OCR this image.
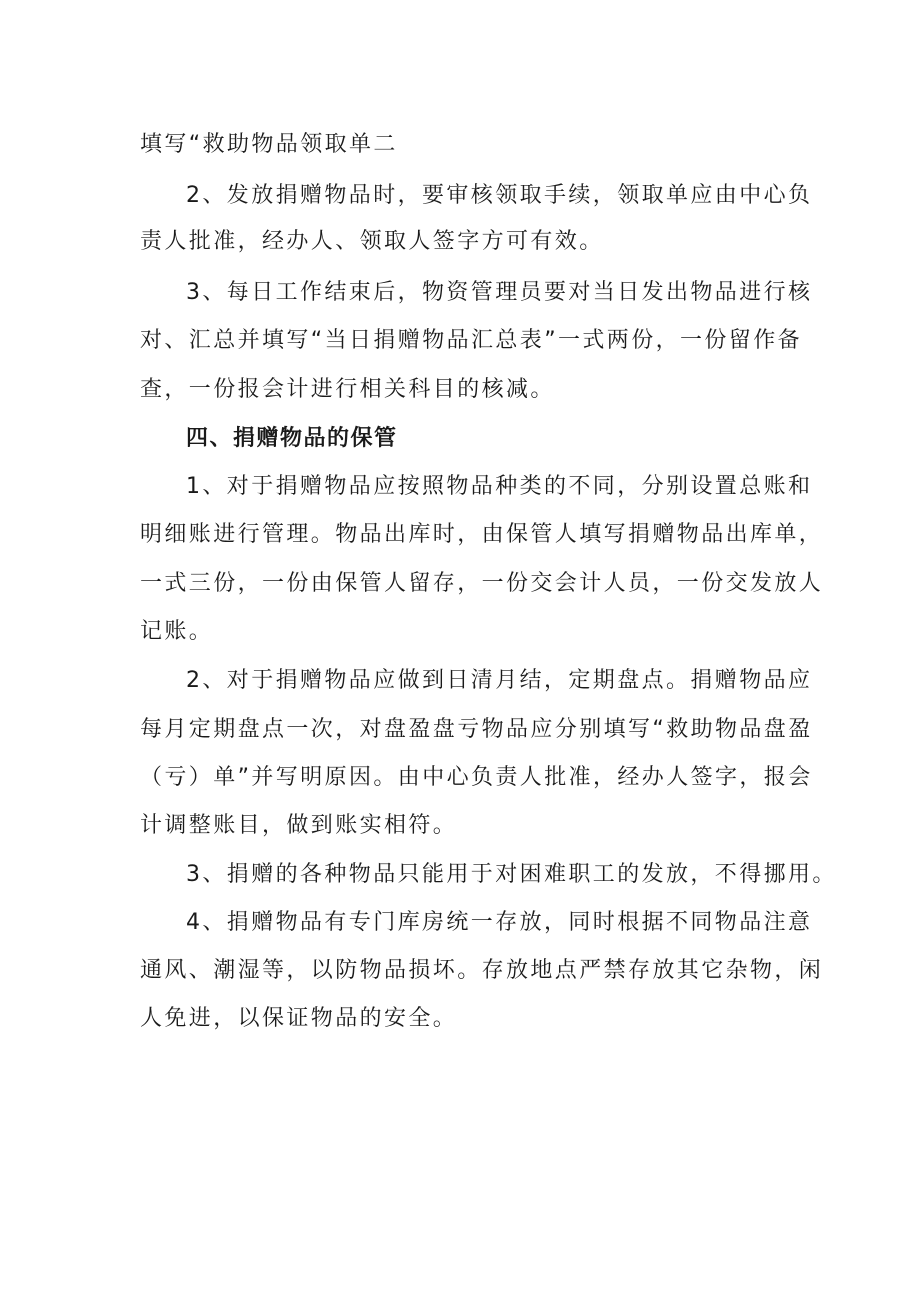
填写“救助物品领取单二

2、发放捐赠物品时，要审核领取手续，领取单应由中心负

责人批准，经办人、领取人签字方可有效。

3、每日工作结束后，物资管理员要对当日发出物品进行核

对、汇总并填写“当日捐赠物品汇总表”一式两份，一份留作备

查，一份报会计进行相关科目的核减。

四、捐赠物品的保管

1、对于捐赠物品应按照物品种类的不同，分别设置总账和

明细账进行管理。物品出库时，由保管人填写捐赠物品出库单，

一式三份，一份由保管人留存，一份交会计人员，一份交发放人

记账。

2、对于捐赠物品应做到日清月结，定期盘点。捐赠物品应

每月定期盘点一次，对盘盈盘亏物品应分别填写“救助物品盘盈

（亏）单”并写明原因。由中心负责人批准，经办人签字，报会

计调整账目，做到账实相符。

3、捐赠的各种物品只能用于对困难职工的发放，不得挪用。

4、捐赠物品有专门库房统一存放，同时根据不同物品注意

通风、潮湿等，以防物品损坏。存放地点严禁存放其它杂物，闲

人免进，以保证物品的安全。
